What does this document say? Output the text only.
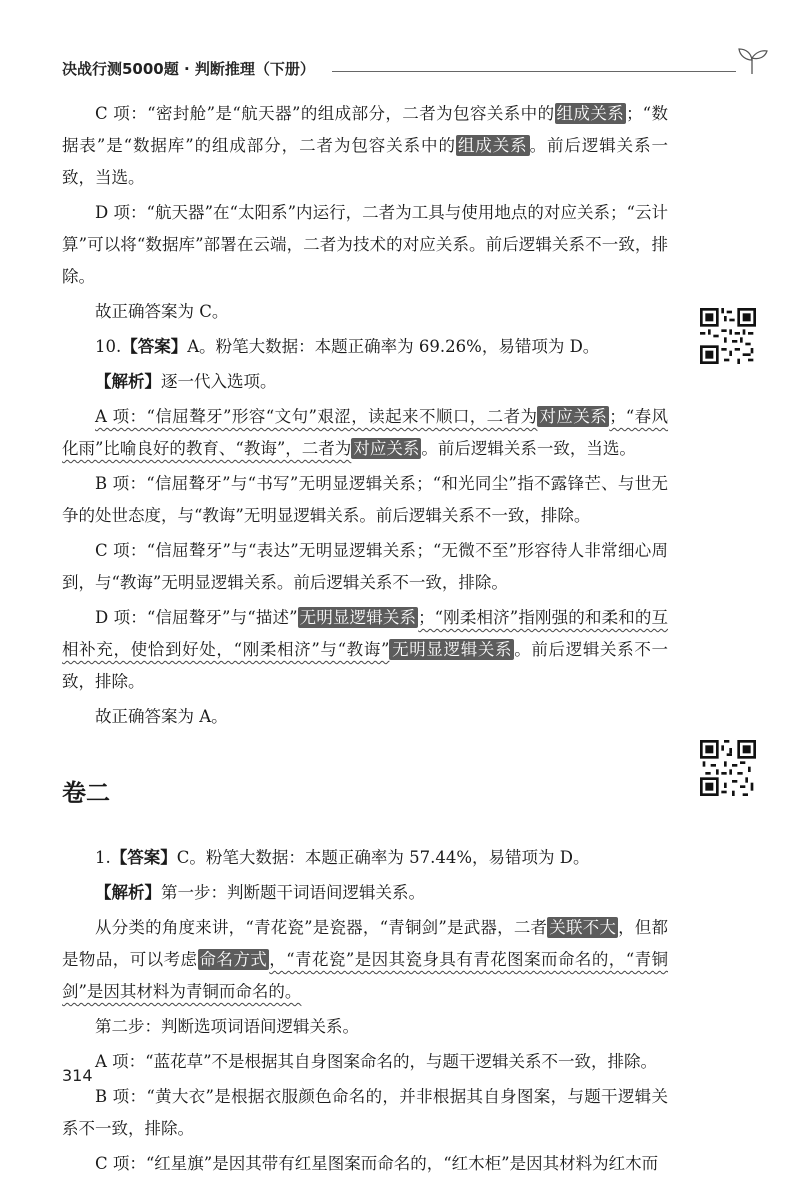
决战行测5000题 · 判断推理（下册）

C 项：“密封舱”是“航天器”的组成部分，二者为包容关系中的 组成关系 ；“数据表”是“数据库”的组成部分，二者为包容关系中的 组成关系 。前后逻辑关系一致，当选。

D 项：“航天器”在“太阳系”内运行，二者为工具与使用地点的对应关系；“云计算”可以将“数据库”部署在云端，二者为技术的对应关系。前后逻辑关系不一致，排除。

故正确答案为 C。

10.【答案】A。粉笔大数据：本题正确率为 69.26%，易错项为 D。

【解析】逐一代入选项。

A 项：“信屈聱牙”形容“文句”艰涩，读起来不顺口，二者为 对应关系 ；“春风化雨”比喻良好的教育、“教诲”，二者为 对应关系 。前后逻辑关系一致，当选。

B 项：“信屈聱牙”与“书写”无明显逻辑关系；“和光同尘”指不露锋芒、与世无争的处世态度，与“教诲”无明显逻辑关系。前后逻辑关系不一致，排除。

C 项：“信屈聱牙”与“表达”无明显逻辑关系；“无微不至”形容待人非常细心周到，与“教诲”无明显逻辑关系。前后逻辑关系不一致，排除。

D 项：“信屈聱牙”与“描述” 无明显逻辑关系 ；“刚柔相济”指刚强的和柔和的互相补充，使恰到好处，“刚柔相济”与“教诲” 无明显逻辑关系 。前后逻辑关系不一致，排除。

故正确答案为 A。

卷二

1.【答案】C。粉笔大数据：本题正确率为 57.44%，易错项为 D。

【解析】第一步：判断题干词语间逻辑关系。

从分类的角度来讲，“青花瓷”是瓷器，“青铜剑”是武器，二者 关联不大 ，但都是物品，可以考虑 命名方式 ，“青花瓷”是因其瓷身具有青花图案而命名的，“青铜剑”是因其材料为青铜而命名的。

第二步：判断选项词语间逻辑关系。

A 项：“蓝花草”不是根据其自身图案命名的，与题干逻辑关系不一致，排除。

B 项：“黄大衣”是根据衣服颜色命名的，并非根据其自身图案，与题干逻辑关系不一致，排除。

C 项：“红星旗”是因其带有红星图案而命名的，“红木柜”是因其材料为红木而

314
